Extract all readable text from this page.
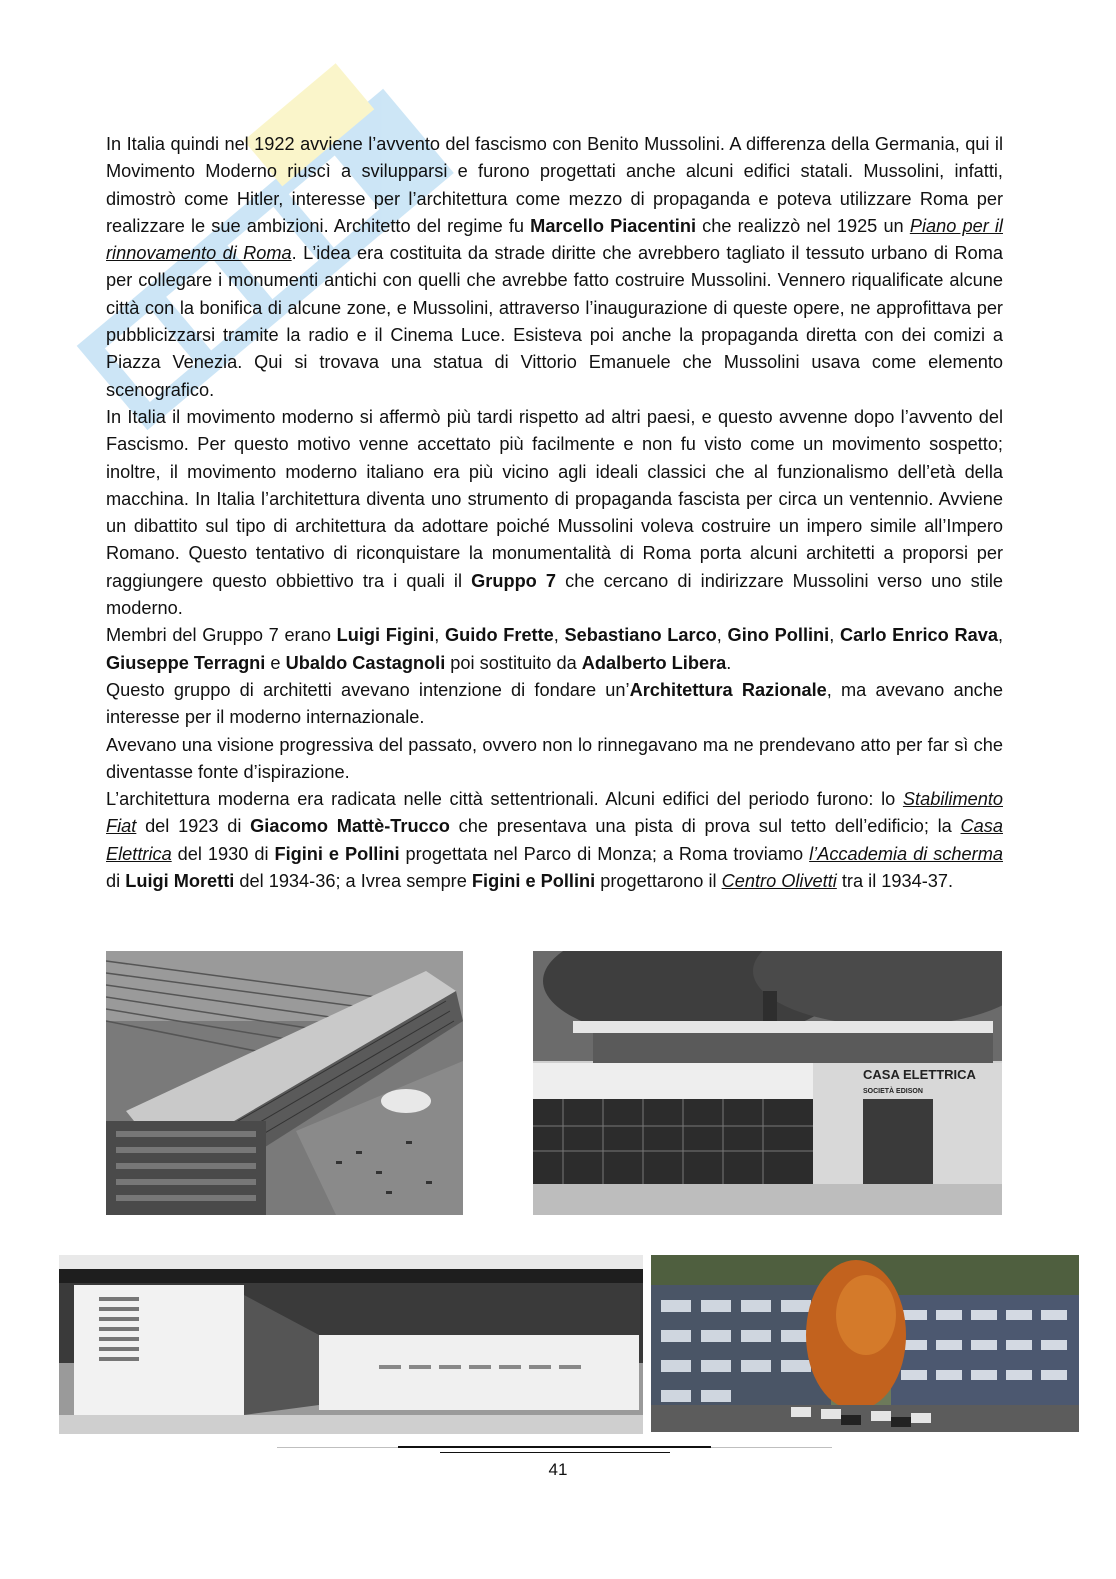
In Italia quindi nel 1922 avviene l’avvento del fascismo con Benito Mussolini. A differenza della Germania, qui il Movimento Moderno riuscì a svilupparsi e furono progettati anche alcuni edifici statali. Mussolini, infatti, dimostrò come Hitler, interesse per l’architettura come mezzo di propaganda e poteva utilizzare Roma per realizzare le sue ambizioni. Architetto del regime fu Marcello Piacentini che realizzò nel 1925 un Piano per il rinnovamento di Roma. L’idea era costituita da strade diritte che avrebbero tagliato il tessuto urbano di Roma per collegare i monumenti antichi con quelli che avrebbe fatto costruire Mussolini. Vennero riqualificate alcune città con la bonifica di alcune zone, e Mussolini, attraverso l’inaugurazione di queste opere, ne approfittava per pubblicizzarsi tramite la radio e il Cinema Luce. Esisteva poi anche la propaganda diretta con dei comizi a Piazza Venezia. Qui si trovava una statua di Vittorio Emanuele che Mussolini usava come elemento scenografico.

In Italia il movimento moderno si affermò più tardi rispetto ad altri paesi, e questo avvenne dopo l’avvento del Fascismo. Per questo motivo venne accettato più facilmente e non fu visto come un movimento sospetto; inoltre, il movimento moderno italiano era più vicino agli ideali classici che al funzionalismo dell’età della macchina. In Italia l’architettura diventa uno strumento di propaganda fascista per circa un ventennio. Avviene un dibattito sul tipo di architettura da adottare poiché Mussolini voleva costruire un impero simile all’Impero Romano. Questo tentativo di riconquistare la monumentalità di Roma porta alcuni architetti a proporsi per raggiungere questo obbiettivo tra i quali il Gruppo 7 che cercano di indirizzare Mussolini verso uno stile moderno.

Membri del Gruppo 7 erano Luigi Figini, Guido Frette, Sebastiano Larco, Gino Pollini, Carlo Enrico Rava, Giuseppe Terragni e Ubaldo Castagnoli poi sostituito da Adalberto Libera.

Questo gruppo di architetti avevano intenzione di fondare un’Architettura Razionale, ma avevano anche interesse per il moderno internazionale.

Avevano una visione progressiva del passato, ovvero non lo rinnegavano ma ne prendevano atto per far sì che diventasse fonte d’ispirazione.

L’architettura moderna era radicata nelle città settentrionali. Alcuni edifici del periodo furono: lo Stabilimento Fiat del 1923 di Giacomo Mattè-Trucco che presentava una pista di prova sul tetto dell’edificio; la Casa Elettrica del 1930 di Figini e Pollini progettata nel Parco di Monza; a Roma troviamo l’Accademia di scherma di Luigi Moretti del 1934-36; a Ivrea sempre Figini e Pollini progettarono il Centro Olivetti tra il 1934-37.

CASA ELETTRICA
SOCIETÀ EDISON
41
